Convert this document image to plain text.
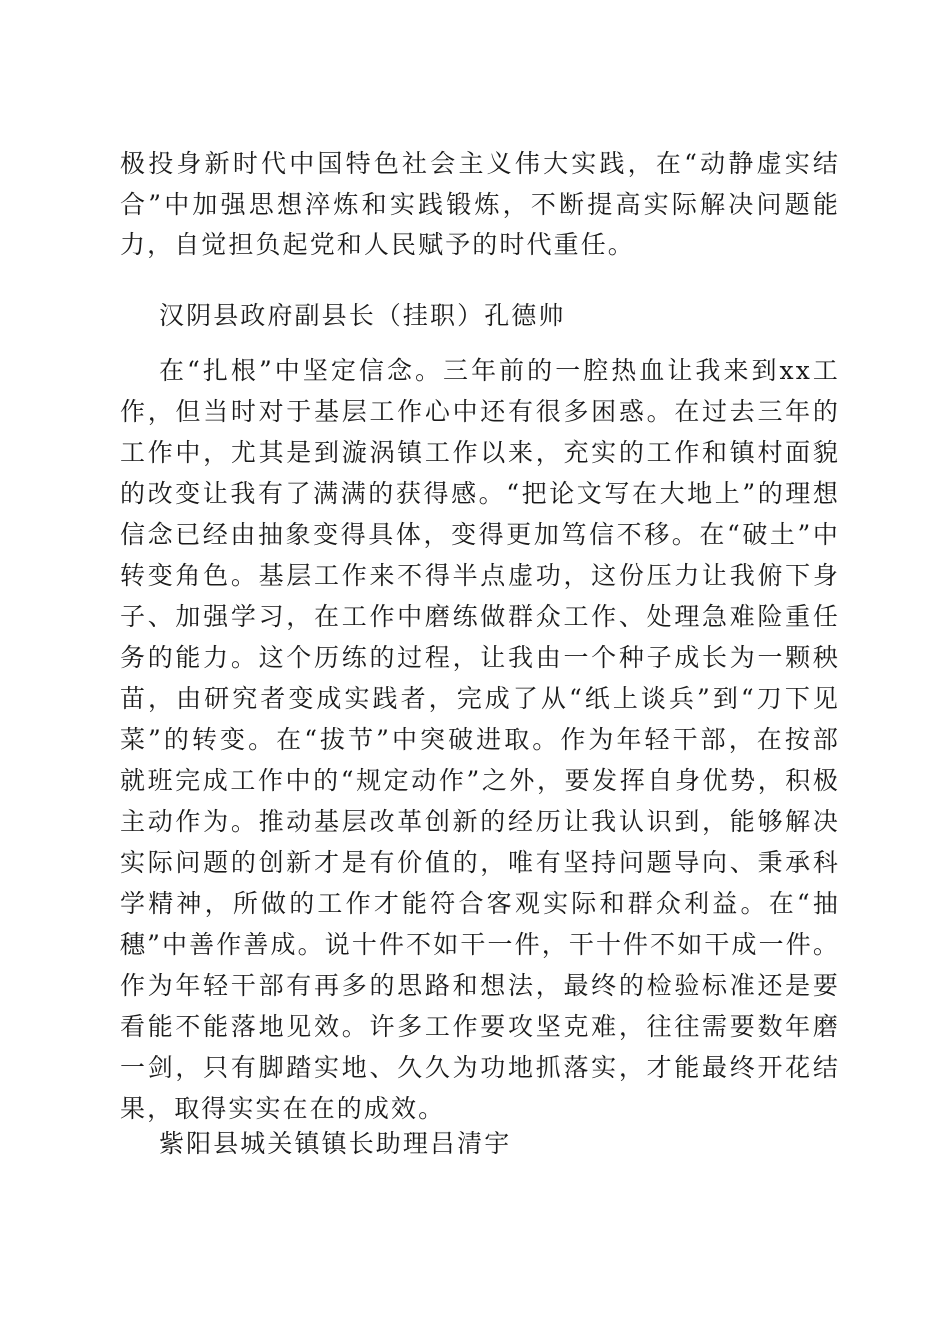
极投身新时代中国特色社会主义伟大实践，在“动静虚实结合”中加强思想淬炼和实践锻炼，不断提高实际解决问题能力，自觉担负起党和人民赋予的时代重任。

汉阴县政府副县长（挂职）孔德帅

在“扎根”中坚定信念。三年前的一腔热血让我来到xx工作，但当时对于基层工作心中还有很多困惑。在过去三年的工作中，尤其是到漩涡镇工作以来，充实的工作和镇村面貌的改变让我有了满满的获得感。“把论文写在大地上”的理想信念已经由抽象变得具体，变得更加笃信不移。在“破土”中转变角色。基层工作来不得半点虚功，这份压力让我俯下身子、加强学习，在工作中磨练做群众工作、处理急难险重任务的能力。这个历练的过程，让我由一个种子成长为一颗秧苗，由研究者变成实践者，完成了从“纸上谈兵”到“刀下见菜”的转变。在“拔节”中突破进取。作为年轻干部，在按部就班完成工作中的“规定动作”之外，要发挥自身优势，积极主动作为。推动基层改革创新的经历让我认识到，能够解决实际问题的创新才是有价值的，唯有坚持问题导向、秉承科学精神，所做的工作才能符合客观实际和群众利益。在“抽穗”中善作善成。说十件不如干一件，干十件不如干成一件。作为年轻干部有再多的思路和想法，最终的检验标准还是要看能不能落地见效。许多工作要攻坚克难，往往需要数年磨一剑，只有脚踏实地、久久为功地抓落实，才能最终开花结果，取得实实在在的成效。

紫阳县城关镇镇长助理吕清宇
